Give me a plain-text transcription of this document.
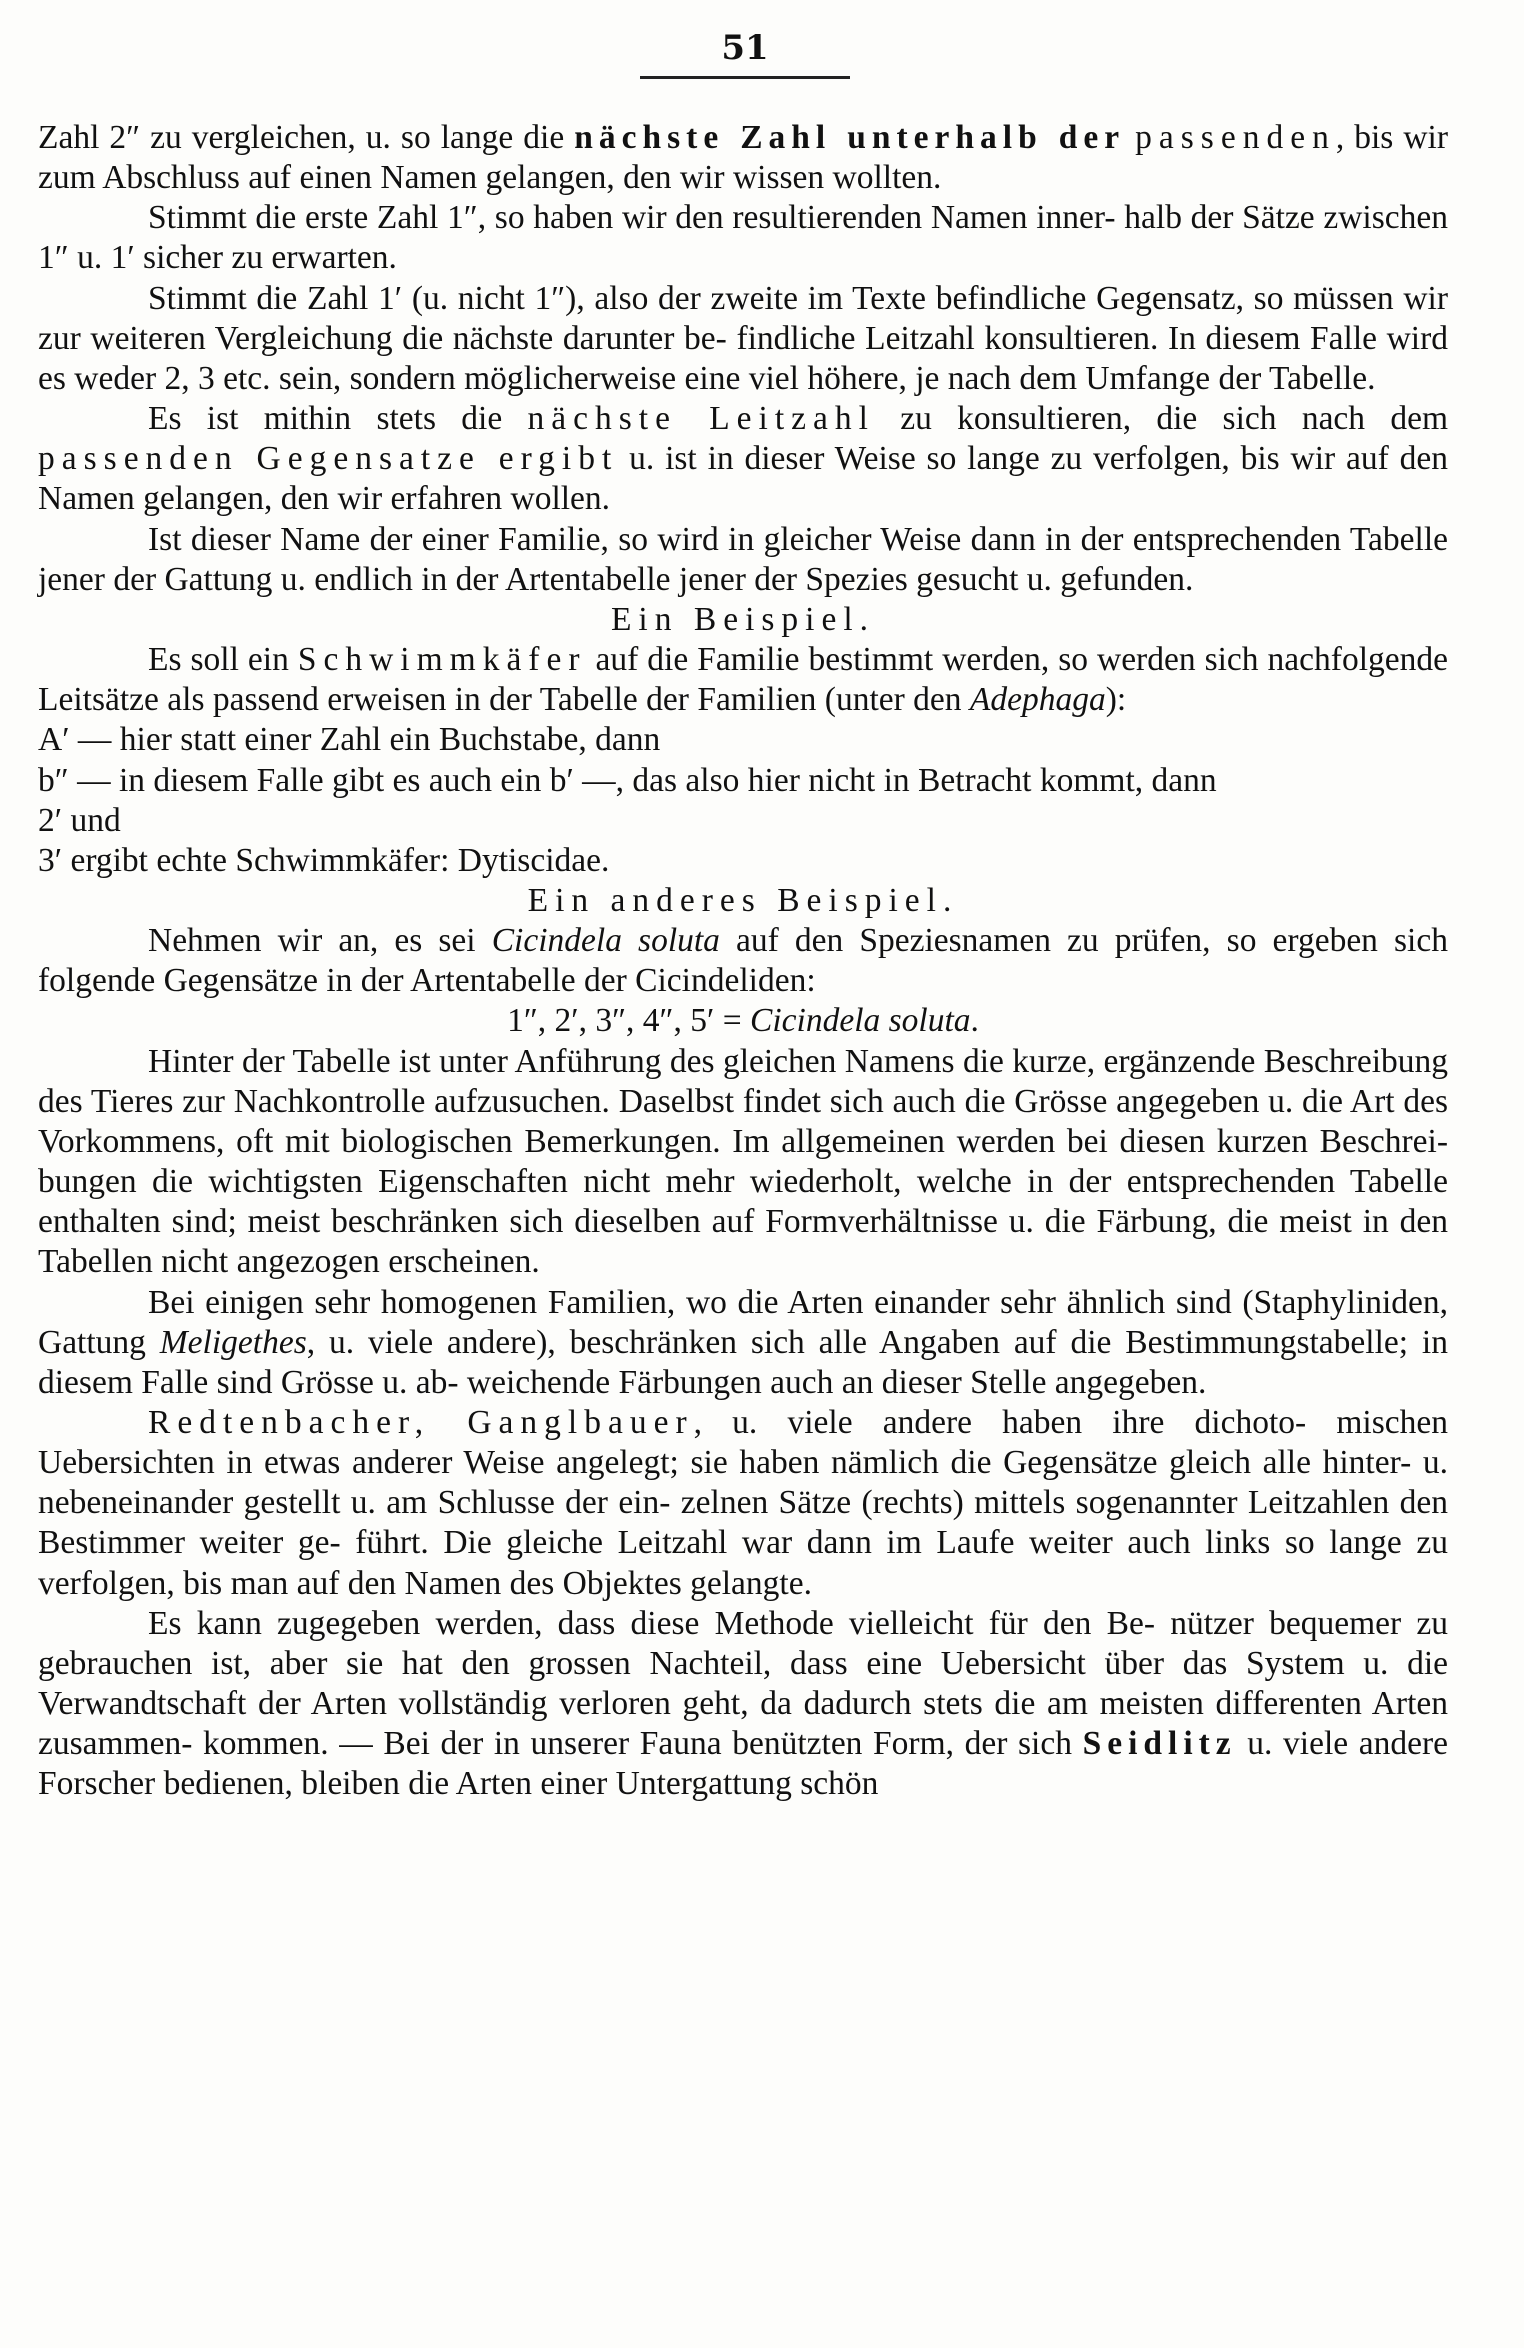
51

Zahl 2″ zu vergleichen, u. so lange die nächste Zahl unterhalb der passenden, bis wir zum Abschluss auf einen Namen gelangen, den wir wissen wollten.

Stimmt die erste Zahl 1″, so haben wir den resultierenden Namen inner- halb der Sätze zwischen 1″ u. 1′ sicher zu erwarten.

Stimmt die Zahl 1′ (u. nicht 1″), also der zweite im Texte befindliche Gegensatz, so müssen wir zur weiteren Vergleichung die nächste darunter be- findliche Leitzahl konsultieren. In diesem Falle wird es weder 2, 3 etc. sein, sondern möglicherweise eine viel höhere, je nach dem Umfange der Tabelle.

Es ist mithin stets die nächste Leitzahl zu konsultieren, die sich nach dem passenden Gegensatze ergibt u. ist in dieser Weise so lange zu verfolgen, bis wir auf den Namen gelangen, den wir erfahren wollen.

Ist dieser Name der einer Familie, so wird in gleicher Weise dann in der entsprechenden Tabelle jener der Gattung u. endlich in der Artentabelle jener der Spezies gesucht u. gefunden.

Ein Beispiel.

Es soll ein Schwimmkäfer auf die Familie bestimmt werden, so werden sich nachfolgende Leitsätze als passend erweisen in der Tabelle der Familien (unter den Adephaga):

A′ — hier statt einer Zahl ein Buchstabe, dann

b″ — in diesem Falle gibt es auch ein b′ —, das also hier nicht in Betracht kommt, dann

2′ und

3′ ergibt echte Schwimmkäfer: Dytiscidae.

Ein anderes Beispiel.

Nehmen wir an, es sei Cicindela soluta auf den Speziesnamen zu prüfen, so ergeben sich folgende Gegensätze in der Artentabelle der Cicindeliden:

1″, 2′, 3″, 4″, 5′ = Cicindela soluta.

Hinter der Tabelle ist unter Anführung des gleichen Namens die kurze, ergänzende Beschreibung des Tieres zur Nachkontrolle aufzusuchen. Daselbst findet sich auch die Grösse angegeben u. die Art des Vorkommens, oft mit biologischen Bemerkungen. Im allgemeinen werden bei diesen kurzen Beschrei- bungen die wichtigsten Eigenschaften nicht mehr wiederholt, welche in der entsprechenden Tabelle enthalten sind; meist beschränken sich dieselben auf Formverhältnisse u. die Färbung, die meist in den Tabellen nicht angezogen erscheinen.

Bei einigen sehr homogenen Familien, wo die Arten einander sehr ähnlich sind (Staphyliniden, Gattung Meligethes, u. viele andere), beschränken sich alle Angaben auf die Bestimmungstabelle; in diesem Falle sind Grösse u. ab- weichende Färbungen auch an dieser Stelle angegeben.

Redtenbacher, Ganglbauer, u. viele andere haben ihre dichoto- mischen Uebersichten in etwas anderer Weise angelegt; sie haben nämlich die Gegensätze gleich alle hinter- u. nebeneinander gestellt u. am Schlusse der ein- zelnen Sätze (rechts) mittels sogenannter Leitzahlen den Bestimmer weiter ge- führt. Die gleiche Leitzahl war dann im Laufe weiter auch links so lange zu verfolgen, bis man auf den Namen des Objektes gelangte.

Es kann zugegeben werden, dass diese Methode vielleicht für den Be- nützer bequemer zu gebrauchen ist, aber sie hat den grossen Nachteil, dass eine Uebersicht über das System u. die Verwandtschaft der Arten vollständig verloren geht, da dadurch stets die am meisten differenten Arten zusammen- kommen. — Bei der in unserer Fauna benützten Form, der sich Seidlitz u. viele andere Forscher bedienen, bleiben die Arten einer Untergattung schön
